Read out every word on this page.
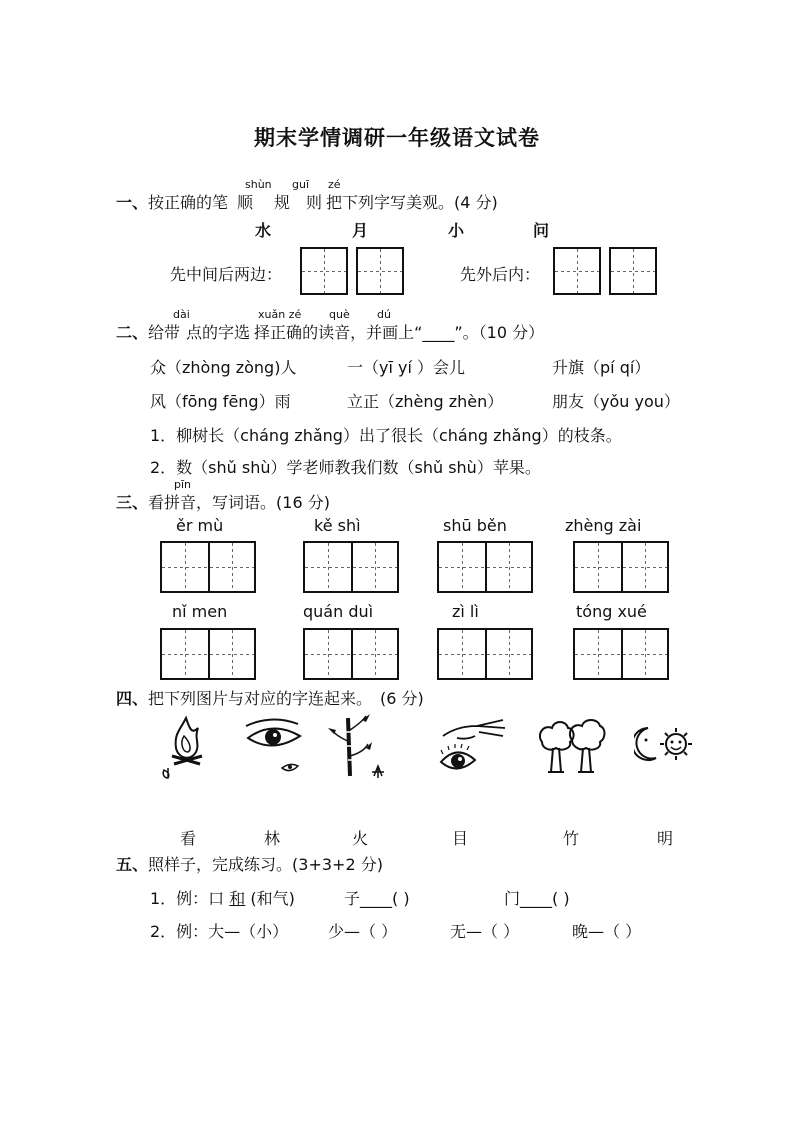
期末学情调研一年级语文试卷
一、按正确的笔 顺 规 则 把下列字写美观。(4 分)
shùn guī zé
水	月	小	问
先中间后两边：	先外后内：
二、给带 点的字选 择正确的读音，并画上“____”。（10 分）
dài	xuǎn zé	què dú
众（zhòng zòng)人	一（yī yí ）会儿	升旗（pí qí）
风（fōng fēng）雨	立正（zhèng zhèn）	朋友（yǒu you）
1．柳树长（cháng zhǎng）出了很长（cháng zhǎng）的枝条。
2．数（shǔ shù）学老师教我们数（shǔ shù）苹果。
三、看拼音，写词语。(16 分)
pīn
ěr mù	kě shì	shū běn	zhèng zài
nǐ men	quán duì	zì lì	tóng xué
四、把下列图片与对应的字连起来。 (6 分)
看	林	火	目	竹	明
五、照样子，完成练习。(3+3+2 分)
1．例：口 和 (和气)	子____( )	门____( )
2．例：大—（小） 少—（ ）	无—（ ）	晚—（ ）
